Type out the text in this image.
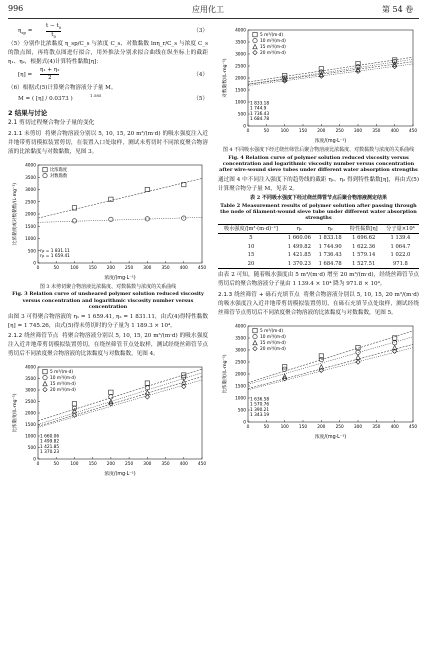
996	应用化工	第 54 卷
$\eta_{sp}$ =
$t - t_0$
$t_0$
（3）

（5）分别作比浓黏度 η_sp/C_s 与浓度 C_s、对数黏数 lnη_r/C_s 与浓度 C_s 的散点图，再将散点图进行拟合，用外推法分别求拟合曲线在纵坐标上的截距 η₁、η₂，根据式(4)计算特性黏数[η]：

[η] =
η₁ + η₂
2	（4）

（6）根据式(5)计算聚合物溶液分子量 M。

M = ( [η] / 0.0373 )
1.585
（5）
2 结果与讨论
2.1 剪切过程聚合物分子量的变化

2.1.1 未剪切 将聚合物溶液分别以 5, 10, 15, 20 m³/(m·d) 的吸水强度注入近井地带剪切模拟装置剪切，在装置入口处取样，测试未剪切时不同浓度聚合物溶液的比浓黏度与对数黏数，见图 3。

0
500
1000
1500
2000
2500
3000
3500
4000
0	50	100 150 200 250 300 350 400 450
浓度/(mg·L⁻¹)
比浓黏度或对数黏数/(L·mg⁻¹)
比浓黏度
对数黏数
η₂ = 1 831.11
η₁ = 1 659.41
图 3 未剪切聚合物溶液比浓黏度、对数黏数与浓度的关系曲线
Fig. 3 Relation curve of unsheared polymer solution reduced viscosity versus concentration and logarithmic viscosity number versus concentration

由图 3 可得聚合物溶液的 η₁ = 1 659.41, η₂ = 1 831.11，由式(4)得特性黏数[η] = 1 745.26，由式(5)得未剪切时的分子量为 1 189.3 × 10⁴。

2.1.2 绕丝筛管节点 将聚合物溶液分别以 5, 10, 15, 20 m³/(m·d) 的吸水强度注入近井地带剪切模拟装置剪切，在绕丝筛管节点处取样，测试经绕丝筛管节点剪切后不同浓度聚合物溶液的比浓黏度与对数黏数，见图 4。

0
500
1000
1500
2000
2500
3000
3500
4000
0	50	100 150 200 250 300 350 400 450
浓度/(mg·L⁻¹)
比浓黏度/(L·mg⁻¹)
5 m³/(m·d)
10 m³/(m·d)
15 m³/(m·d)
20 m³/(m·d)
1 660.06
1 499.82
1 421.85
1 370.23
0
500
1000
1500
2000
2500
3000
3500
4000
0	50	100 150 200 250 300 350 400 450
浓度/(mg·L⁻¹)
对数黏数/(L·mg⁻¹)
5 m³/(m·d)
10 m³/(m·d)
15 m³/(m·d)
20 m³/(m·d)
1 833.18
1 744.9
1 736.43
1 684.78
图 4 不同吸水强度下经过绕丝筛管后聚合物溶液比浓黏度、对数黏数与浓度的关系曲线
Fig. 4 Relation curve of polymer solution reduced viscosity versus concentration and logarithmic viscosity number versus concentration after wire-wound sieve tubes under different water absorption strengths

通过图 4 中不同注入强度下的趋势线的截距 η₁、η₂ 得到特性黏数[η]，再由式(5)计算聚合物分子量 M，见表 2。

表 2 不同吸水强度下经过绕丝筛管节点后聚合物溶液测定结果
Table 2 Measurement results of polymer solution after passing through the node of filament-wound sieve tube under different water absorption strengths
吸水强度/[m³·(m·d)⁻¹]	η₁	η₂	特性黏数[η]	分子量×10⁴
5	1 660.06	1 833.18	1 696.62	1 139.4
10	1 499.82	1 744.90	1 622.36	1 064.7
15	1 421.85	1 736.43	1 579.14	1 022.0
20	1 370.23	1 684.78	1 527.51	971.8

由表 2 可知，随着吸水强度由 5 m³/(m·d) 增至 20 m³/(m·d)，经绕丝筛管节点剪切后的聚合物溶液分子量由 1 139.4 × 10⁴ 降为 971.8 × 10⁴。

2.1.3 绕丝筛管 + 砾石充填节点 将聚合物溶液分别以 5, 10, 15, 20 m³/(m·d) 的吸水强度注入近井地带剪切模拟装置剪切，在砾石充填节点处取样，测试经绕丝筛管节点剪切后不同浓度聚合物溶液的比浓黏度与对数黏数，见图 5。

0
500
1000
1500
2000
2500
3000
3500
4000
0	50	100 150 200 250 300 350 400 450
浓度/(mg·L⁻¹)
比浓黏度/(L·mg⁻¹)
5 m³/(m·d)
10 m³/(m·d)
15 m³/(m·d)
20 m³/(m·d)
1 636.58
1 570.76
1 390.21
1 343.19
